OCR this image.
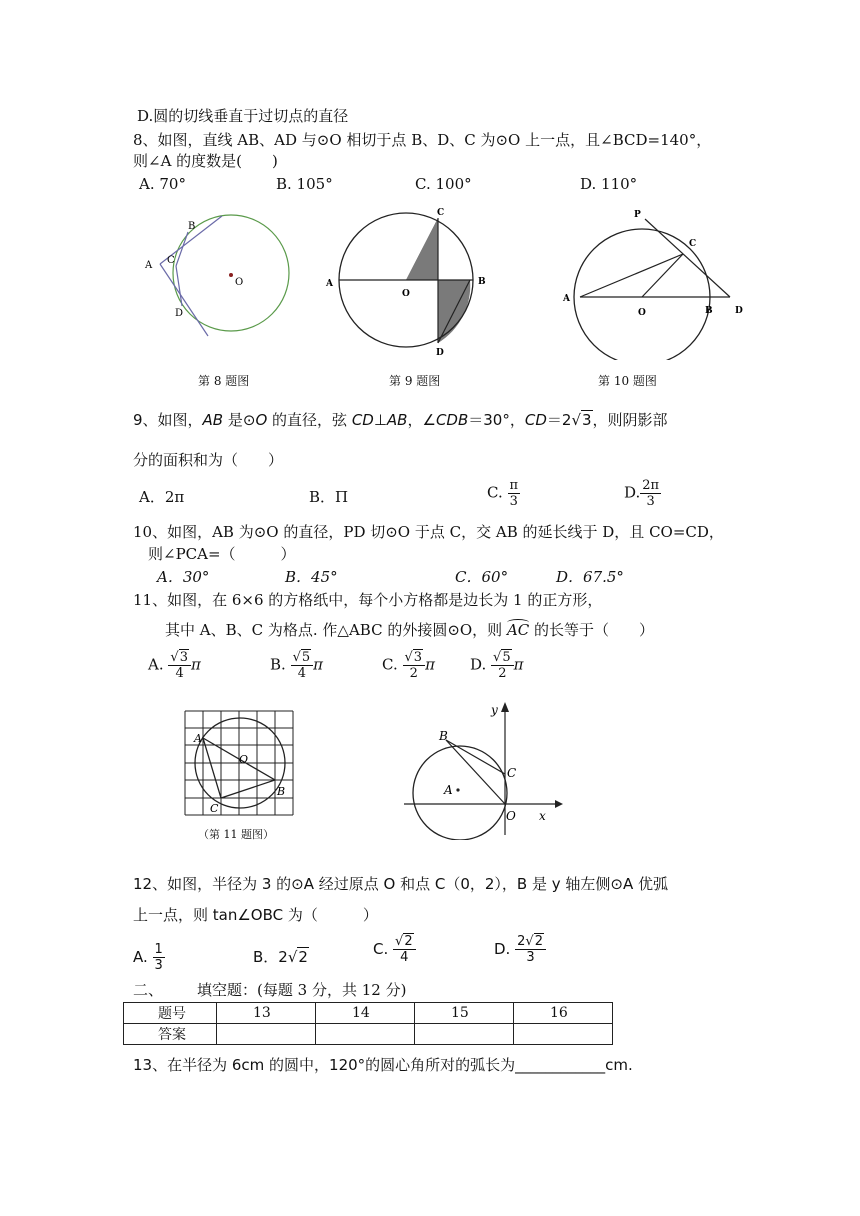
D.圆的切线垂直于过切点的直径
8、如图，直线 AB、AD 与⊙O 相切于点 B、D、C 为⊙O 上一点，且∠BCD=140°，
则∠A 的度数是(　　)
A. 70°	B. 105°	C. 100°	D. 110°
B
A C
D
O
第 8 题图
C
A
O
B
D
第 9 题图
P
C
A
O	B D
第 10 题图
9、如图，AB 是⊙O 的直径，弦 CD⊥AB，∠CDB＝30°，CD＝2√3，则阴影部
分的面积和为（　　）
A．2π	B．Π	C. $\frac{\pi}{3}$	D. $\frac{2\pi}{3}$
10、如图，AB 为⊙O 的直径，PD 切⊙O 于点 C，交 AB 的延长线于 D，且 CO=CD，
则∠PCA=（　　　）
A．30°	B．45°	C．60°	D．67.5°
11、如图，在 6×6 的方格纸中，每个小方格都是边长为 1 的正方形，
其中 A、B、C 为格点. 作△ABC 的外接圆⊙O，则
AC 的长等于（　　）
A. $\frac{√3}{4}$ π	B. $\frac{√5}{4}$ π	C. $\frac{√3}{2}$ π D. $\frac{√5}{2}$ π
A
O
B
C
（第 11 题图）
y
B
A
C
O x
12、如图，半径为 3 的⊙A 经过原点 O 和点 C（0，2），B 是 y 轴左侧⊙A 优弧
上一点，则 tan∠OBC 为（　　　）
A. $\frac{1}{3}$	B．2√2	C. $\frac{√2}{4}$	D. $\frac{2√2}{3}$
二、 填空题：(每题 3 分，共 12 分)
题号	13	14	15	16
答案				
13、在半径为 6cm 的圆中，120°的圆心角所对的弧长为____________cm.
